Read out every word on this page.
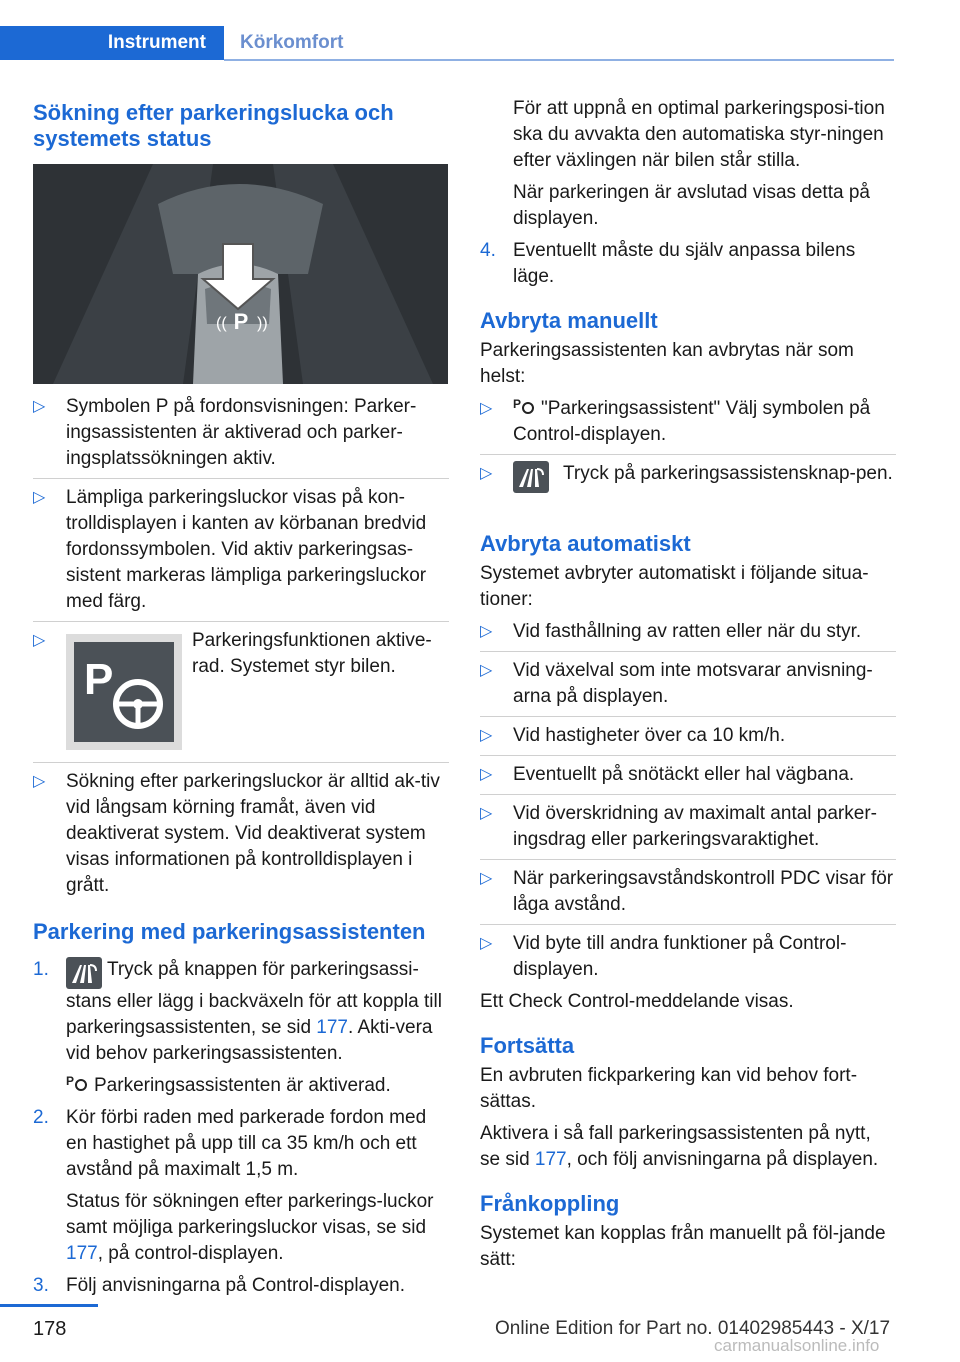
Instrument	Körkomfort
Sökning efter parkeringslucka och systemets status
P
(( ))
▷ Symbolen P på fordonsvisningen: Parker-ingsassistenten är aktiverad och parker-ingsplatssökningen aktiv.
▷ Lämpliga parkeringsluckor visas på kon-trolldisplayen i kanten av körbanan bredvid fordonssymbolen. Vid aktiv parkeringsas-sistent markeras lämpliga parkeringsluckor med färg.
▷
P
Parkeringsfunktionen aktive-rad. Systemet styr bilen.
▷ Sökning efter parkeringsluckor är alltid ak-tiv vid långsam körning framåt, även vid deaktiverat system. Vid deaktiverat system visas informationen på kontrolldisplayen i grått.
Parkering med parkeringsassistenten
1.	Tryck på knappen för parkeringsassi-stans eller lägg i backväxeln för att koppla till parkeringsassistenten, se sid 177. Akti-vera vid behov parkeringsassistenten.

P Parkeringsassistenten är aktiverad.

2. Kör förbi raden med parkerade fordon med en hastighet på upp till ca 35 km/h och ett avstånd på maximalt 1,5 m.

Status för sökningen efter parkerings-luckor samt möjliga parkeringsluckor visas, se sid 177, på control-displayen.

3. Följ anvisningarna på Control-displayen.

För att uppnå en optimal parkeringsposi-tion ska du avvakta den automatiska styr-ningen efter växlingen när bilen står stilla.

När parkeringen är avslutad visas detta på displayen.

4. Eventuellt måste du själv anpassa bilens läge.
Avbryta manuellt

Parkeringsassistenten kan avbrytas när som helst:

▷ P "Parkeringsassistent" Välj symbolen på Control-displayen.
▷	Tryck på parkeringsassistensknap-pen.
Avbryta automatiskt

Systemet avbryter automatiskt i följande situa-tioner:

▷ Vid fasthållning av ratten eller när du styr.
▷ Vid växelval som inte motsvarar anvisning-arna på displayen.
▷ Vid hastigheter över ca 10 km/h.
▷ Eventuellt på snötäckt eller hal vägbana.
▷ Vid överskridning av maximalt antal parker-ingsdrag eller parkeringsvaraktighet.
▷ När parkeringsavståndskontroll PDC visar för låga avstånd.
▷ Vid byte till andra funktioner på Control-displayen.

Ett Check Control-meddelande visas.

Fortsätta

En avbruten fickparkering kan vid behov fort-sättas.

Aktivera i så fall parkeringsassistenten på nytt, se sid 177, och följ anvisningarna på displayen.

Frånkoppling

Systemet kan kopplas från manuellt på föl-jande sätt:

178	Online Edition for Part no. 01402985443 - X/17
carmanualsonline.info
